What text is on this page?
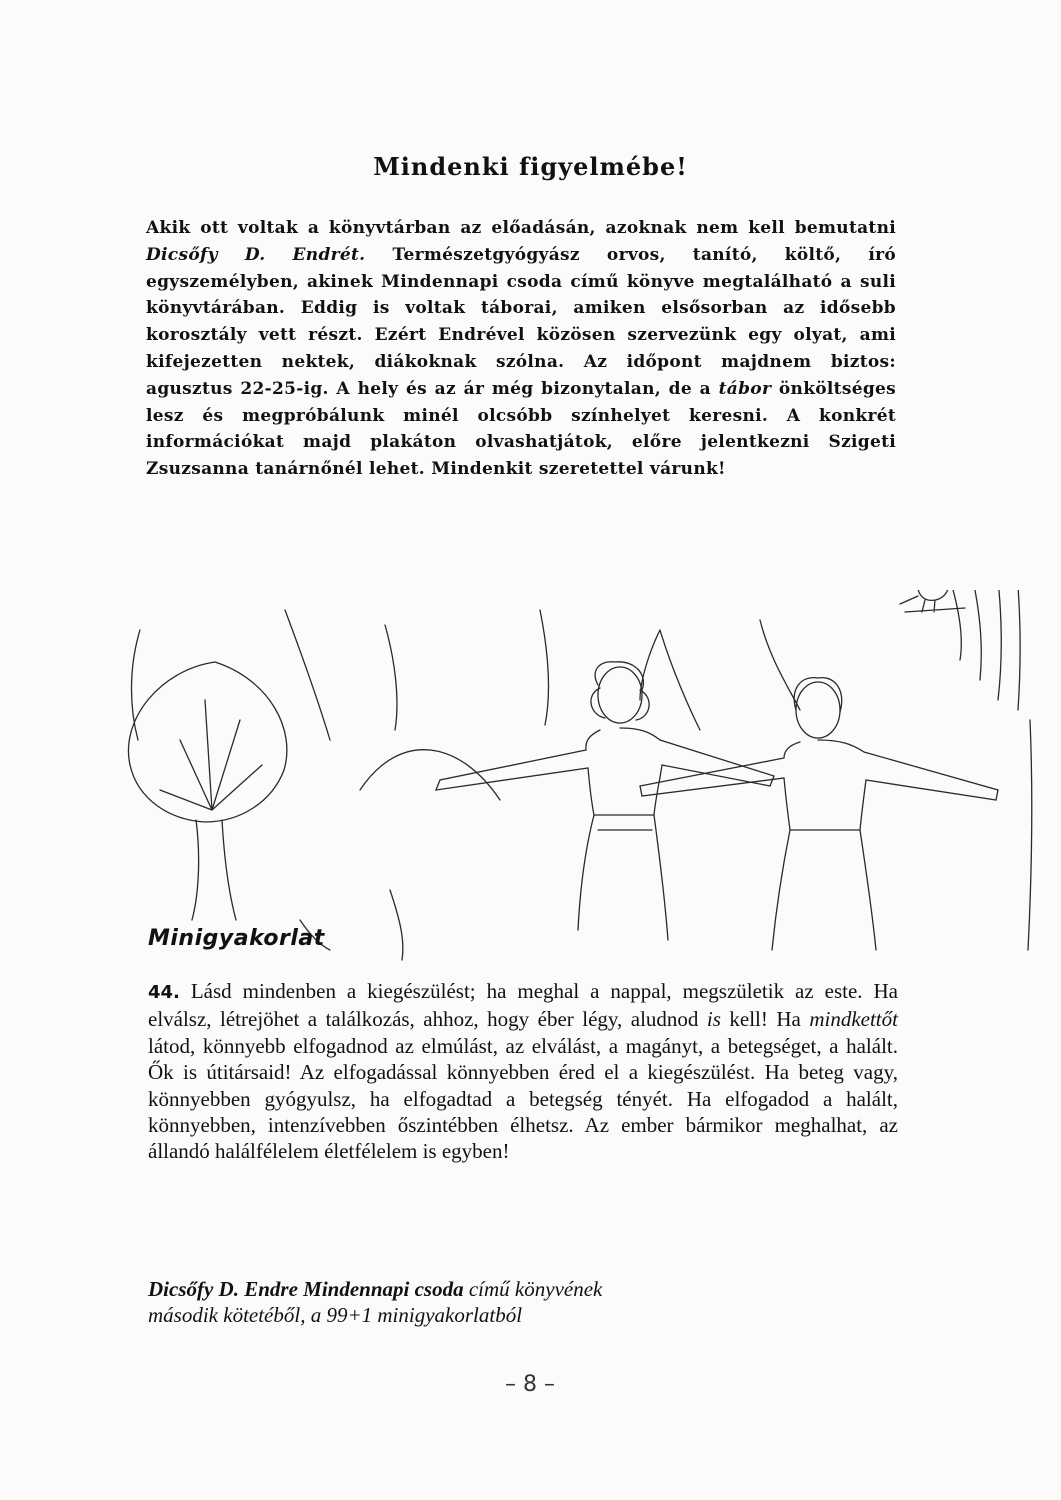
Mindenki figyelmébe!

Akik ott voltak a könyvtárban az előadásán, azoknak nem kell bemutatni Dicsőfy D. Endrét. Természetgyógyász orvos, tanító, költő, író egyszemélyben, akinek Mindennapi csoda című könyve megtalálható a suli könyvtárában. Eddig is voltak táborai, amiken elsősorban az idősebb korosztály vett részt. Ezért Endrével közösen szervezünk egy olyat, ami kifejezetten nektek, diákoknak szólna. Az időpont majdnem biztos: agusztus 22-25-ig. A hely és az ár még bizonytalan, de a tábor önköltséges lesz és megpróbálunk minél olcsóbb színhelyet keresni. A konkrét információkat majd plakáton olvashatjátok, előre jelentkezni Szigeti Zsuzsanna tanárnőnél lehet. Mindenkit szeretettel várunk!

Minigyakorlat

44. Lásd mindenben a kiegészülést; ha meghal a nappal, megszületik az este. Ha elválsz, létrejöhet a találkozás, ahhoz, hogy éber légy, aludnod is kell! Ha mindkettőt látod, könnyebb elfogadnod az elmúlást, az elválást, a magányt, a betegséget, a halált. Ők is útitársaid! Az elfogadással könnyebben éred el a kiegészülést. Ha beteg vagy, könnyebben gyógyulsz, ha elfogadtad a betegség tényét. Ha elfogadod a halált, könnyebben, intenzívebben őszintébben élhetsz. Az ember bármikor meghalhat, az állandó halálfélelem életfélelem is egyben!

Dicsőfy D. Endre Mindennapi csoda című könyvének
második kötetéből, a 99+1 minigyakorlatból

– 8 –
